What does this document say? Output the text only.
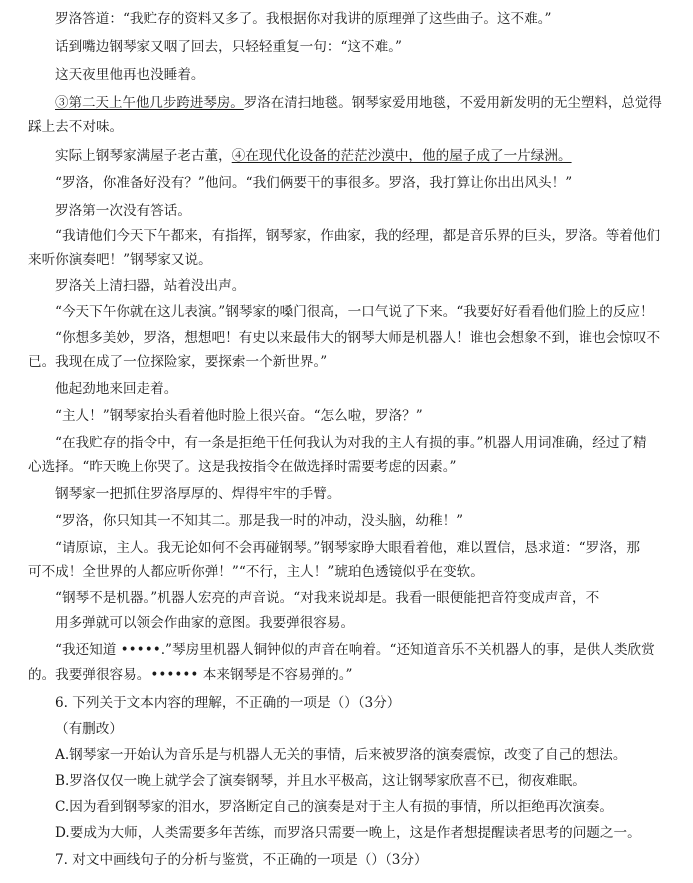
罗洛答道：“我贮存的资料又多了。我根据你对我讲的原理弹了这些曲子。这不难。”
话到嘴边钢琴家又咽了回去，只轻轻重复一句：“这不难。”
这天夜里他再也没睡着。
③第二天上午他几步跨进琴房。罗洛在清扫地毯。钢琴家爱用地毯，不爱用新发明的无尘塑料，总觉得
踩上去不对味。
实际上钢琴家满屋子老古董，④在现代化设备的茫茫沙漠中，他的屋子成了一片绿洲。
“罗洛，你准备好没有？”他问。“我们俩要干的事很多。罗洛，我打算让你出出风头！”
罗洛第一次没有答话。
“我请他们今天下午都来，有指挥，钢琴家，作曲家，我的经理，都是音乐界的巨头，罗洛。等着他们
来听你演奏吧！”钢琴家又说。
罗洛关上清扫器，站着没出声。
“今天下午你就在这儿表演。”钢琴家的嗓门很高，一口气说了下来。“我要好好看看他们脸上的反应！
“你想多美妙，罗洛，想想吧！有史以来最伟大的钢琴大师是机器人！谁也会想象不到，谁也会惊叹不
已。我现在成了一位探险家，要探索一个新世界。”
他起劲地来回走着。
“主人！”钢琴家抬头看着他时脸上很兴奋。“怎么啦，罗洛？”
“在我贮存的指令中，有一条是拒绝干任何我认为对我的主人有损的事。”机器人用词准确，经过了精
心选择。“昨天晚上你哭了。这是我按指令在做选择时需要考虑的因素。”
钢琴家一把抓住罗洛厚厚的、焊得牢牢的手臂。
“罗洛，你只知其一不知其二。那是我一时的冲动，没头脑，幼稚！”
“请原谅，主人。我无论如何不会再碰钢琴。”钢琴家睁大眼看着他，难以置信，恳求道：“罗洛，那
可不成！全世界的人都应听你弹！”“不行，主人！”琥珀色透镜似乎在变软。
“钢琴不是机器。”机器人宏亮的声音说。“对我来说却是。我看一眼便能把音符变成声音，不
用多弹就可以领会作曲家的意图。我要弹很容易。
“我还知道 •••••.”琴房里机器人铜钟似的声音在响着。“还知道音乐不关机器人的事，是供人类欣赏
的。我要弹很容易。•••••• 本来钢琴是不容易弹的。”
6. 下列关于文本内容的理解，不正确的一项是（）（3分）
（有删改）
A.钢琴家一开始认为音乐是与机器人无关的事情，后来被罗洛的演奏震惊，改变了自己的想法。
B.罗洛仅仅一晚上就学会了演奏钢琴，并且水平极高，这让钢琴家欣喜不已，彻夜难眠。
C.因为看到钢琴家的泪水，罗洛断定自己的演奏是对于主人有损的事情，所以拒绝再次演奏。
D.要成为大师，人类需要多年苦练，而罗洛只需要一晚上，这是作者想提醒读者思考的问题之一。
7. 对文中画线句子的分析与鉴赏，不正确的一项是（）（3分）
